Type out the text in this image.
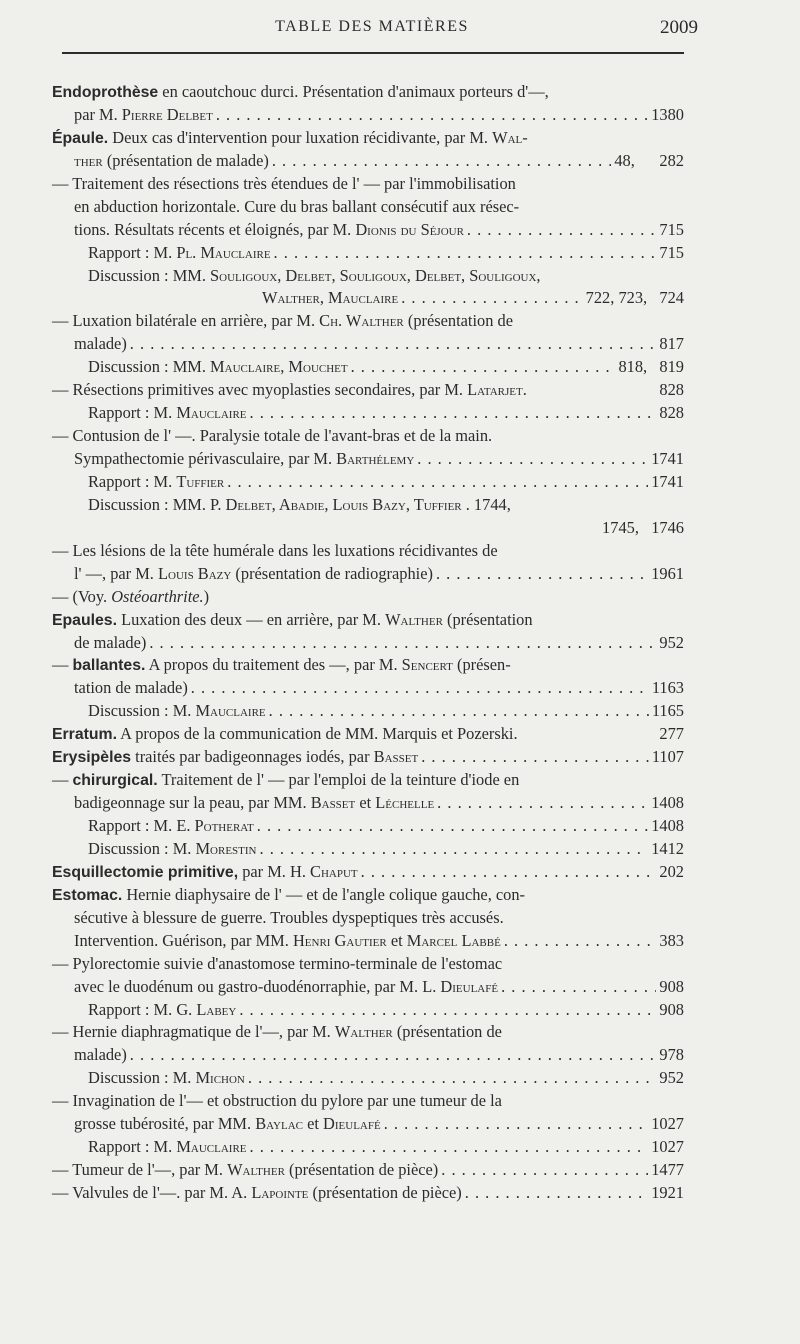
TABLE DES MATIÈRES	2009
Endoprothèse en caoutchouc durci. Présentation d'animaux porteurs d'—,
par M. Pierre Delbet . . .	1380
Épaule. Deux cas d'intervention pour luxation récidivante, par M. Wal-
ther (présentation de malade) . . .	48,      282
— Traitement des résections très étendues de l' — par l'immobilisation
en abduction horizontale. Cure du bras ballant consécutif aux résec-
tions. Résultats récents et éloignés, par M. Dionis du Séjour . . .	715
Rapport : M. Pl. Mauclaire . . .	715
Discussion : MM. Souligoux, Delbet, Souligoux, Delbet, Souligoux,
Walther, Mauclaire . . .	722, 723,   724
— Luxation bilatérale en arrière, par M. Ch. Walther (présentation de
malade) . . .	817
Discussion : MM. Mauclaire, Mouchet . . .	818,   819
— Résections primitives avec myoplasties secondaires, par M. Latarjet.	828
Rapport : M. Mauclaire . . .	828
— Contusion de l' —. Paralysie totale de l'avant-bras et de la main.
Sympathectomie périvasculaire, par M. Barthélemy . . .	1741
Rapport : M. Tuffier . . .	1741
Discussion : MM. P. Delbet, Abadie, Louis Bazy, Tuffier . 1744,
1745,   1746
— Les lésions de la tête humérale dans les luxations récidivantes de
l' —, par M. Louis Bazy (présentation de radiographie) . . .	1961
— (Voy. Ostéoarthrite.)
Epaules. Luxation des deux — en arrière, par M. Walther (présentation
de malade) . . .	952
— ballantes. A propos du traitement des —, par M. Sencert (présen-
tation de malade) . . .	1163
Discussion : M. Mauclaire . . .	1165
Erratum. A propos de la communication de MM. Marquis et Pozerski.	277
Erysipèles traités par badigeonnages iodés, par Basset . . .	1107
— chirurgical. Traitement de l' — par l'emploi de la teinture d'iode en
badigeonnage sur la peau, par MM. Basset et Léchelle . . .	1408
Rapport : M. E. Potherat . . .	1408
Discussion : M. Morestin . . .	1412
Esquillectomie primitive, par M. H. Chaput . . .	202
Estomac. Hernie diaphysaire de l' — et de l'angle colique gauche, con-
sécutive à blessure de guerre. Troubles dyspeptiques très accusés.
Intervention. Guérison, par MM. Henri Gautier et Marcel Labbé . . .	383
— Pylorectomie suivie d'anastomose termino-terminale de l'estomac
avec le duodénum ou gastro-duodénorraphie, par M. L. Dieulafé . . .	908
Rapport : M. G. Labey . . .	908
— Hernie diaphragmatique de l'—, par M. Walther (présentation de
malade) . . .	978
Discussion : M. Michon . . .	952
— Invagination de l'— et obstruction du pylore par une tumeur de la
grosse tubérosité, par MM. Baylac et Dieulafé . . .	1027
Rapport : M. Mauclaire . . .	1027
— Tumeur de l'—, par M. Walther (présentation de pièce) . . .	1477
— Valvules de l'—. par M. A. Lapointe (présentation de pièce) . . .	1921
